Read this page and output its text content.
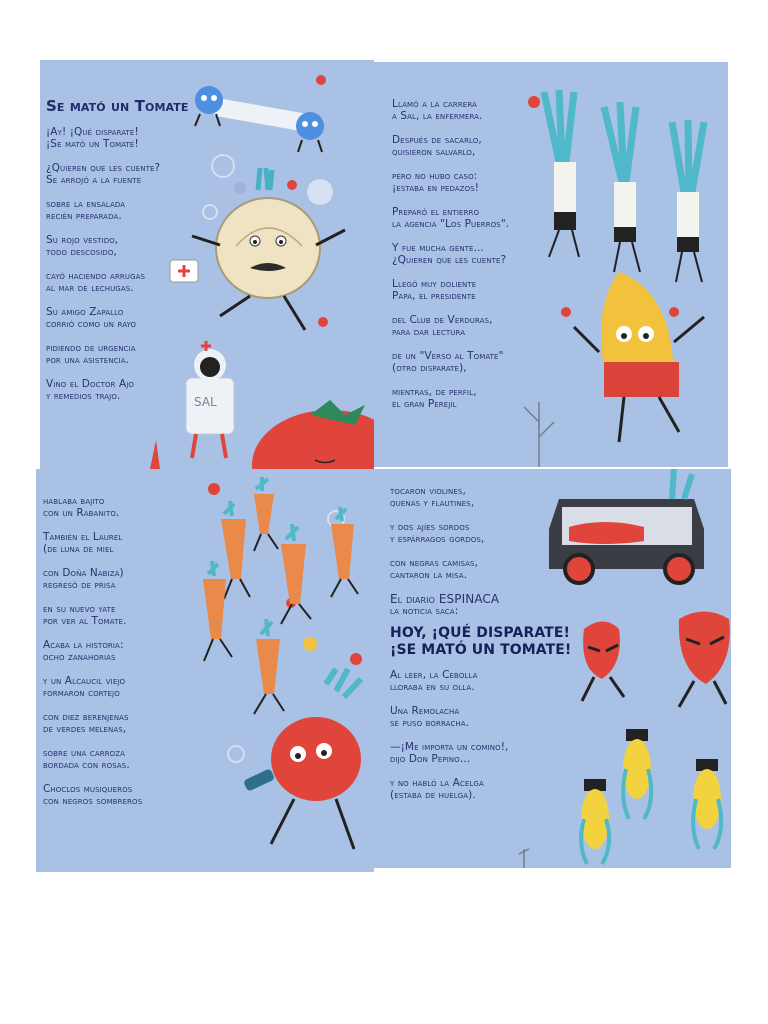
SAL
Se mató un Tomate
¡Ay! ¡Qué disparate!
¡Se mató un Tomate!
¿Quieren que les cuente?
Se arrojó a la fuente
sobre la ensalada
recién preparada.
Su rojo vestido,
todo descosido,
cayó haciendo arrugas
al mar de lechugas.
Su amigo Zapallo
corrió como un rayo
pidiendo de urgencia
por una asistencia.
Vino el Doctor Ajo
y remedios trajo.
Llamó a la carrera
a Sal, la enfermera.
Después de sacarlo,
quisieron salvarlo,
pero no hubo caso:
¡estaba en pedazos!
Preparó el entierro
la agencia "Los Puerros".
Y fue mucha gente...
¿Quieren que les cuente?
Llegó muy doliente
Papa, el presidente
del Club de Verduras,
para dar lectura
de un "Verso al Tomate"
(otro disparate),
mientras, de perfil,
el gran Perejil
hablaba bajito
con un Rabanito.
También el Laurel
(de luna de miel
con Doña Nabiza)
regresó de prisa
en su nuevo yate
por ver al Tomate.
Acaba la historia:
ocho zanahorias
y un Alcaucil viejo
formaron cortejo
con diez berenjenas
de verdes melenas,
sobre una carroza
bordada con rosas.
Choclos musiqueros
con negros sombreros
tocaron violines,
quenas y flautines,
y dos ajíes sordos
y espárragos gordos,
con negras camisas,
cantaron la misa.
El diario ESPINACA
la noticia saca:
HOY, ¡QUÉ DISPARATE!
¡SE MATÓ UN TOMATE!
Al leer, la Cebolla
lloraba en su olla.
Una Remolacha
se puso borracha.
—¡Me importa un comino!,
dijo Don Pepino...
y no habló la Acelga
(estaba de huelga).
